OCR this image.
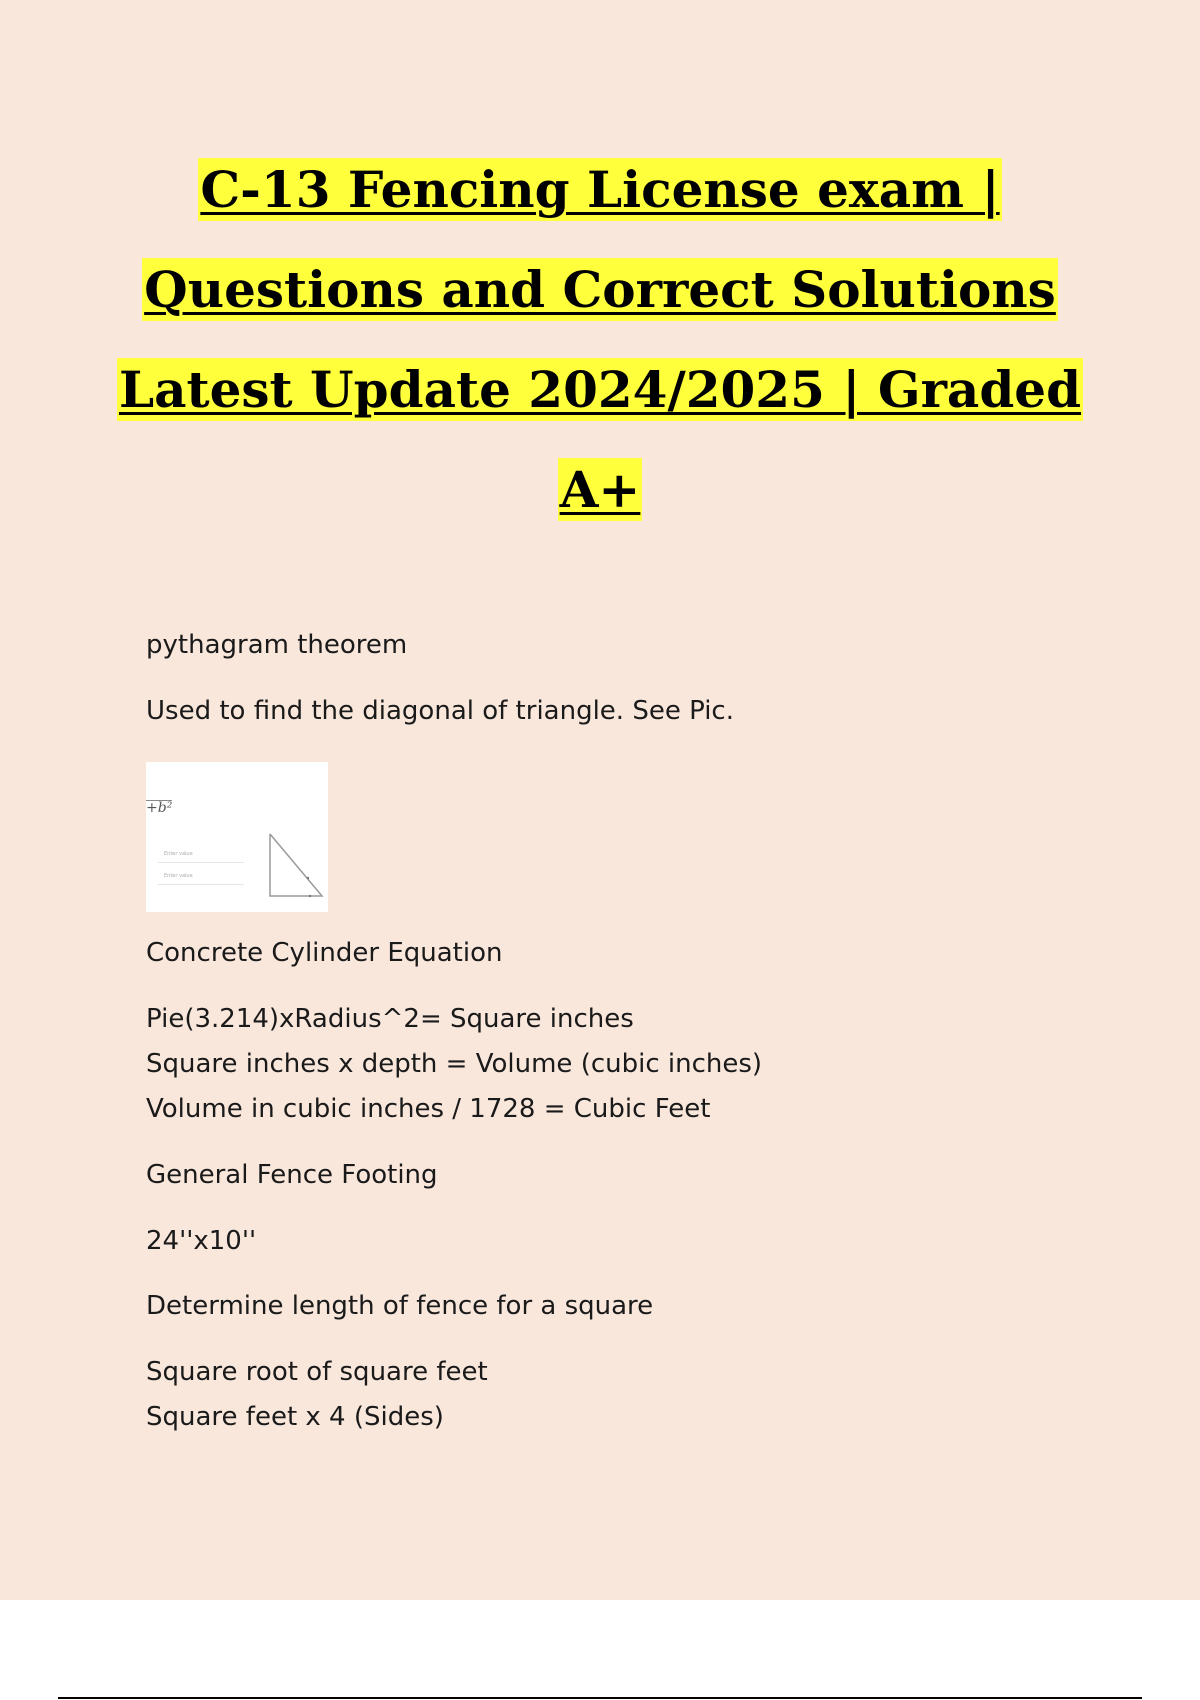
C-13 Fencing License exam |
Questions and Correct Solutions
Latest Update 2024/2025 | Graded
A+
pythagram theorem
Used to find the diagonal of triangle. See Pic.
Concrete Cylinder Equation
Pie(3.214)xRadius^2= Square inches
Square inches x depth = Volume (cubic inches)
Volume in cubic inches / 1728 = Cubic Feet
General Fence Footing
24''x10''
Determine length of fence for a square
Square root of square feet
Square feet x 4 (Sides)
+b²
Enter value
Enter value
